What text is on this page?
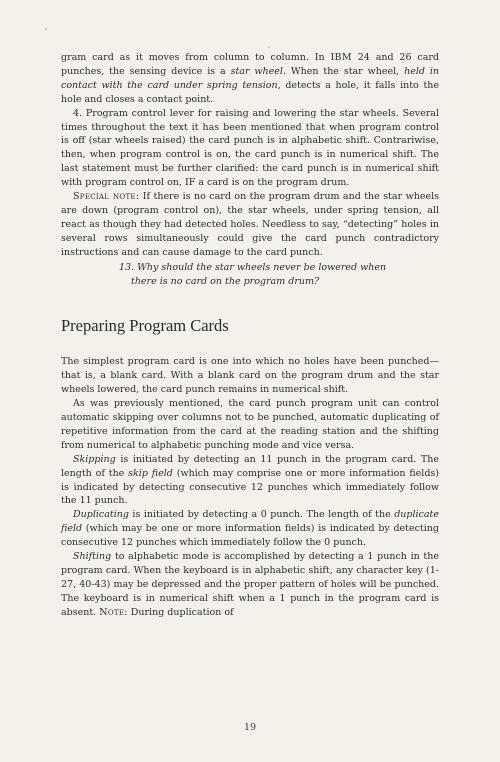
gram card as it moves from column to column. In IBM 24 and 26 card punches, the sensing device is a star wheel. When the star wheel, held in contact with the card under spring tension, detects a hole, it falls into the hole and closes a contact point.

4. Program control lever for raising and lowering the star wheels. Several times throughout the text it has been mentioned that when program control is off (star wheels raised) the card punch is in alphabetic shift. Contrariwise, then, when program control is on, the card punch is in numerical shift. The last statement must be further clarified: the card punch is in numerical shift with program control on, IF a card is on the program drum.

Special note: If there is no card on the program drum and the star wheels are down (program control on), the star wheels, under spring tension, all react as though they had detected holes. Needless to say, “detecting” holes in several rows simultaneously could give the card punch contradictory instructions and can cause damage to the card punch.

13. Why should the star wheels never be lowered when

there is no card on the program drum?

Preparing Program Cards

The simplest program card is one into which no holes have been punched—that is, a blank card. With a blank card on the program drum and the star wheels lowered, the card punch remains in numerical shift.

As was previously mentioned, the card punch program unit can control automatic skipping over columns not to be punched, automatic duplicating of repetitive information from the card at the reading station and the shifting from numerical to alphabetic punching mode and vice versa.

Skipping is initiated by detecting an 11 punch in the program card. The length of the skip field (which may comprise one or more information fields) is indicated by detecting consecutive 12 punches which immediately follow the 11 punch.

Duplicating is initiated by detecting a 0 punch. The length of the duplicate field (which may be one or more information fields) is indicated by detecting consecutive 12 punches which immediately follow the 0 punch.

Shifting to alphabetic mode is accomplished by detecting a 1 punch in the program card. When the keyboard is in alphabetic shift, any character key (1-27, 40-43) may be depressed and the proper pattern of holes will be punched. The keyboard is in numerical shift when a 1 punch in the program card is absent. Note: During duplication of

19
